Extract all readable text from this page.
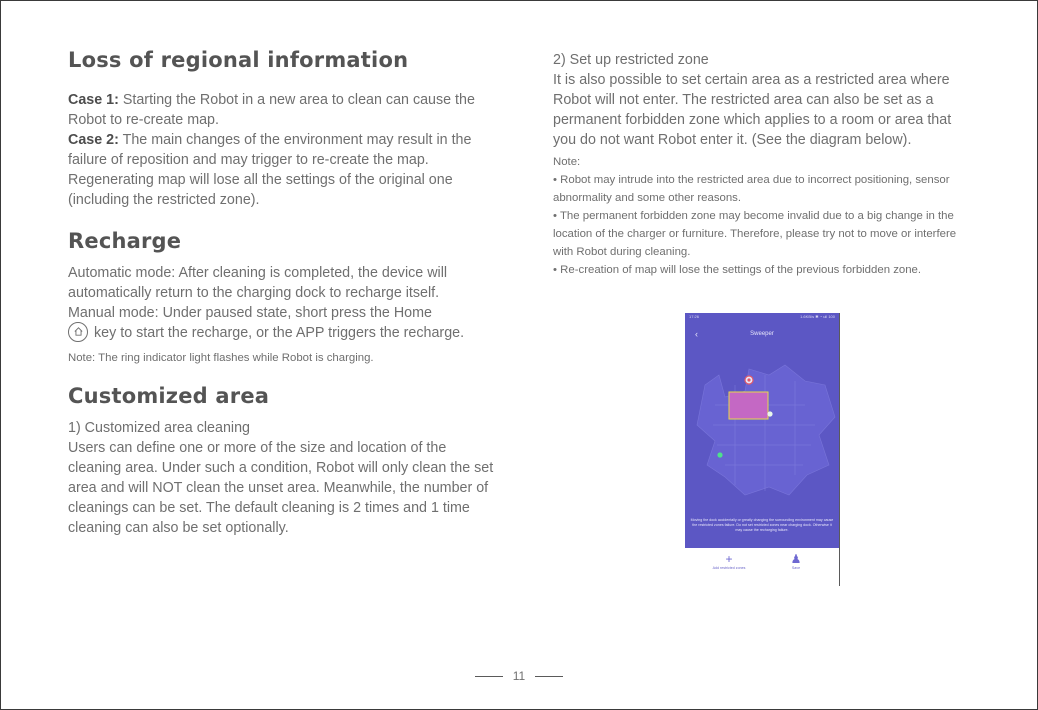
Loss of regional information

Case 1: Starting the Robot in a new area to clean can cause the Robot to re-create map.

Case 2: The main changes of the environment may result in the failure of reposition and may trigger to re-create the map. Regenerating map will lose all the settings of the original one (including the restricted zone).

Recharge

Automatic mode: After cleaning is completed, the device will automatically return to the charging dock to recharge itself.

Manual mode: Under paused state, short press the Home

key to start the recharge, or the APP triggers the recharge.

Note: The ring indicator light flashes while Robot is charging.

Customized area

1) Customized area cleaning

Users can define one or more of the size and location of the cleaning area. Under such a condition, Robot will only clean the set area and will NOT clean the unset area. Meanwhile, the number of cleanings can be set. The default cleaning is 2 times and 1 time cleaning can also be set optionally.

2) Set up restricted zone

It is also possible to set certain area as a restricted area where Robot will not enter. The restricted area can also be set as a permanent forbidden zone which applies to a room or area that you do not want Robot enter it. (See the diagram below).

Note:

• Robot may intrude into the restricted area due to incorrect positioning, sensor abnormality and some other reasons.

• The permanent forbidden zone may become invalid due to a big change in the location of the charger or furniture. Therefore, please try not to move or interfere with Robot during cleaning.

• Re-creation of map will lose the settings of the previous forbidden zone.

17:26	1.6KB/s ✱ ◔ ull 100
‹	Sweeper
Moving the dock accidentally or greatly changing the surrounding environment may cause the restricted zones failure. Do not set restricted zones near charging dock. Otherwise it may cause the recharging failure.
+
Add restricted zones
♟
Save
11
